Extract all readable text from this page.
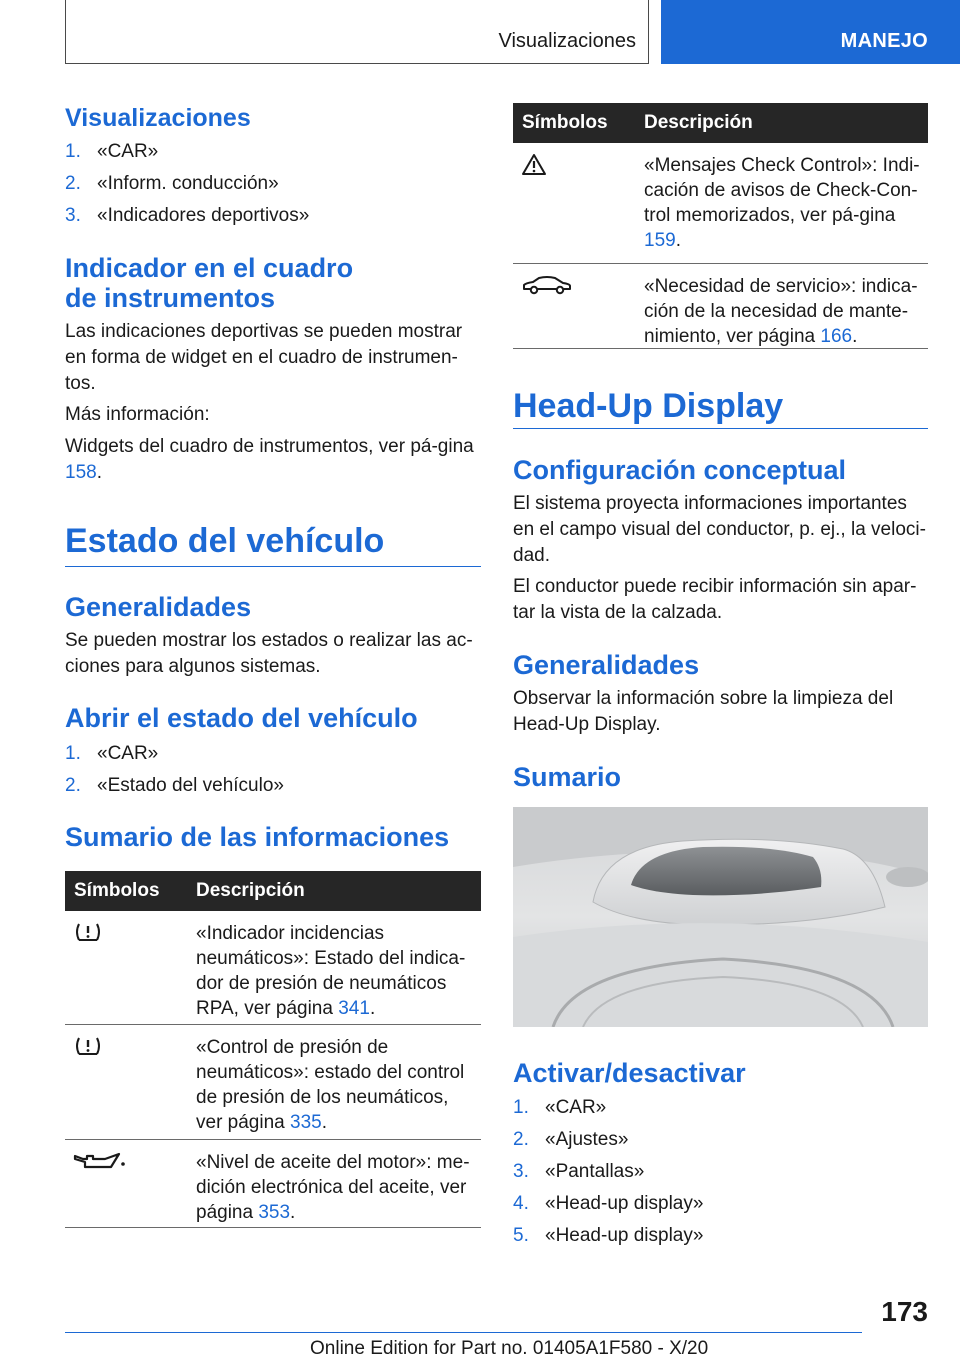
Visualizaciones	MANEJO
Visualizaciones
1. «CAR»
2. «Inform. conducción»
3. «Indicadores deportivos»
Indicador en el cuadro
de instrumentos
Las indicaciones deportivas se pueden mostrar en forma de widget en el cuadro de instrumen-tos.
Más información:
Widgets del cuadro de instrumentos, ver pá-gina 158.
Estado del vehículo
Generalidades
Se pueden mostrar los estados o realizar las ac-ciones para algunos sistemas.
Abrir el estado del vehículo
1. «CAR»
2. «Estado del vehículo»
Sumario de las informaciones
Símbolos	Descripción
«Indicador incidencias neumáticos»: Estado del indica-dor de presión de neumáticos RPA, ver página 341.
«Control de presión de neumáticos»: estado del control de presión de los neumáticos, ver página 335.
«Nivel de aceite del motor»: me-dición electrónica del aceite, ver página 353.
Símbolos	Descripción
«Mensajes Check Control»: Indi-cación de avisos de Check-Con-trol memorizados, ver pá-gina 159.
«Necesidad de servicio»: indica-ción de la necesidad de mante-nimiento, ver página 166.
Head-Up Display
Configuración conceptual
El sistema proyecta informaciones importantes en el campo visual del conductor, p. ej., la veloci-dad.
El conductor puede recibir información sin apar-tar la vista de la calzada.
Generalidades
Observar la información sobre la limpieza del Head-Up Display.
Sumario
Activar/desactivar
1. «CAR»
2. «Ajustes»
3. «Pantallas»
4. «Head-up display»
5. «Head-up display»
173
Online Edition for Part no. 01405A1F580 - X/20
